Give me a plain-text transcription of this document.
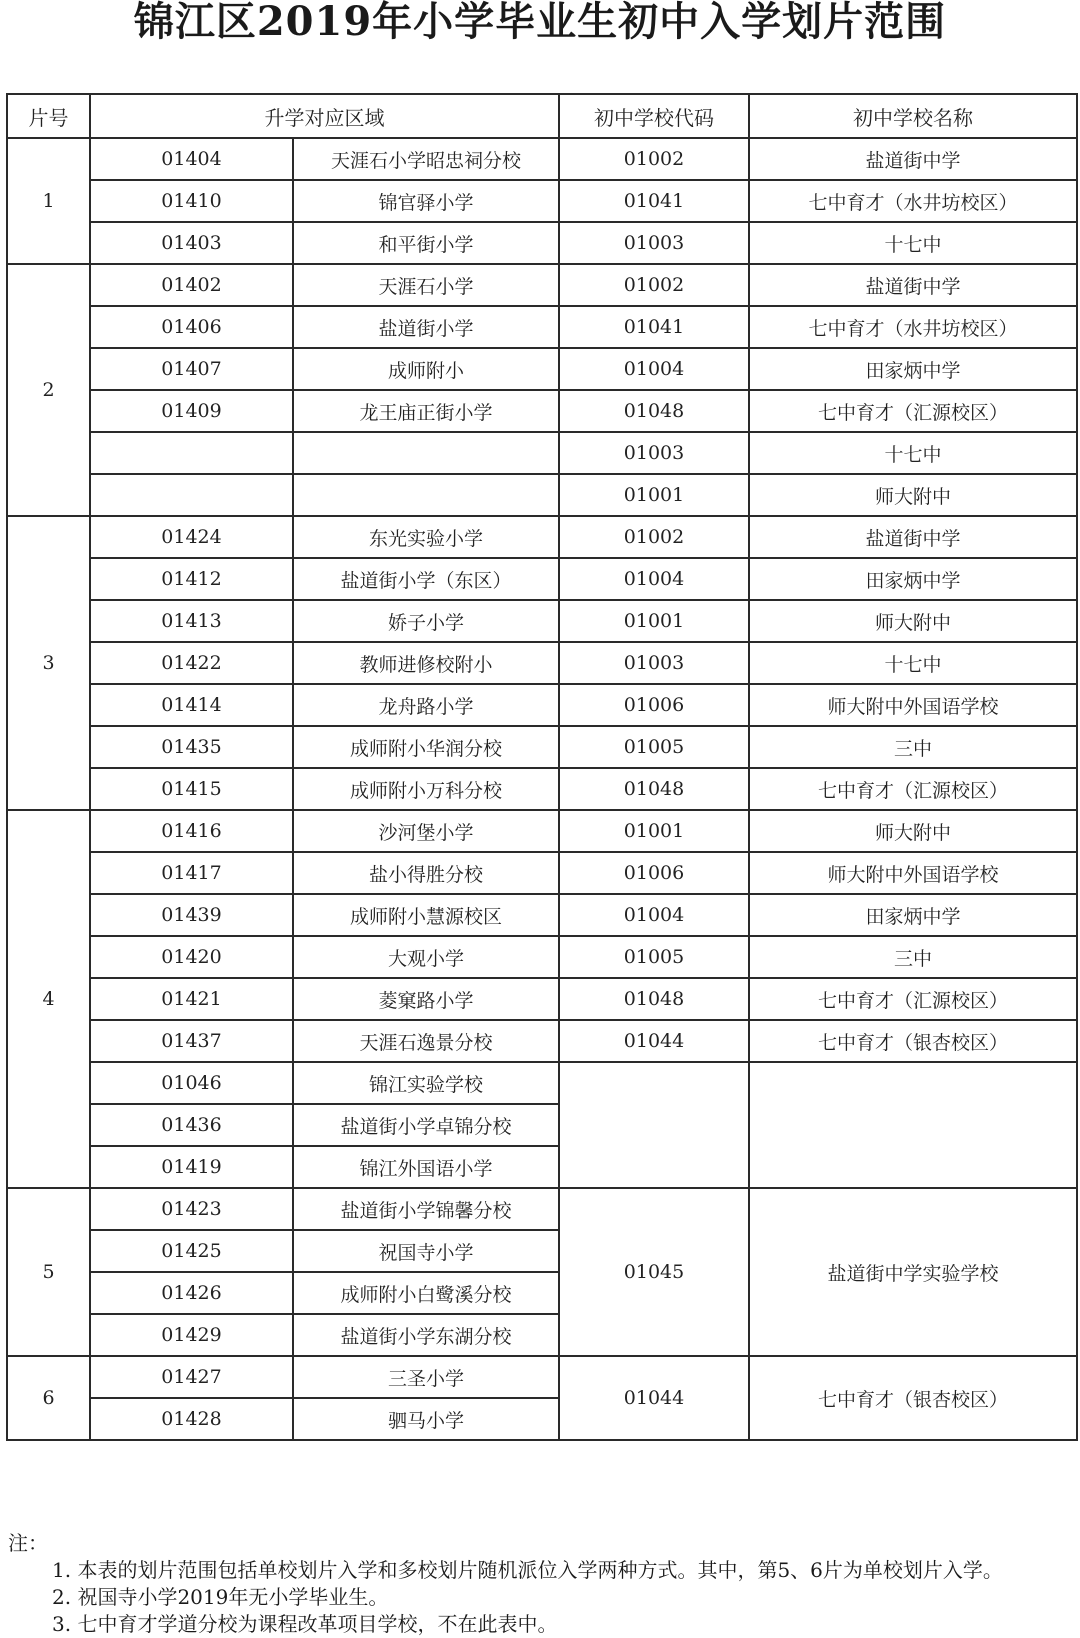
锦江区2019年小学毕业生初中入学划片范围
片号	升学对应区域		初中学校代码	初中学校名称
1	01404	天涯石小学昭忠祠分校	01002	盐道街中学
	01410	锦官驿小学	01041	七中育才（水井坊校区）
	01403	和平街小学	01003	十七中
2	01402	天涯石小学	01002	盐道街中学
	01406	盐道街小学	01041	七中育才（水井坊校区）
	01407	成师附小	01004	田家炳中学
	01409	龙王庙正街小学	01048	七中育才（汇源校区）
			01003	十七中
			01001	师大附中
3	01424	东光实验小学	01002	盐道街中学
	01412	盐道街小学（东区）	01004	田家炳中学
	01413	娇子小学	01001	师大附中
	01422	教师进修校附小	01003	十七中
	01414	龙舟路小学	01006	师大附中外国语学校
	01435	成师附小华润分校	01005	三中
	01415	成师附小万科分校	01048	七中育才（汇源校区）
4	01416	沙河堡小学	01001	师大附中
	01417	盐小得胜分校	01006	师大附中外国语学校
	01439	成师附小慧源校区	01004	田家炳中学
	01420	大观小学	01005	三中
	01421	菱窠路小学	01048	七中育才（汇源校区）
	01437	天涯石逸景分校	01044	七中育才（银杏校区）
	01046	锦江实验学校		
	01436	盐道街小学卓锦分校		
	01419	锦江外国语小学		
5	01423	盐道街小学锦馨分校	01045	盐道街中学实验学校
	01425	祝国寺小学		
	01426	成师附小白鹭溪分校		
	01429	盐道街小学东湖分校		
6	01427	三圣小学	01044	七中育才（银杏校区）
	01428	驷马小学		
注：
1. 本表的划片范围包括单校划片入学和多校划片随机派位入学两种方式。其中，第5、6片为单校划片入学。
2. 祝国寺小学2019年无小学毕业生。
3. 七中育才学道分校为课程改革项目学校，不在此表中。
